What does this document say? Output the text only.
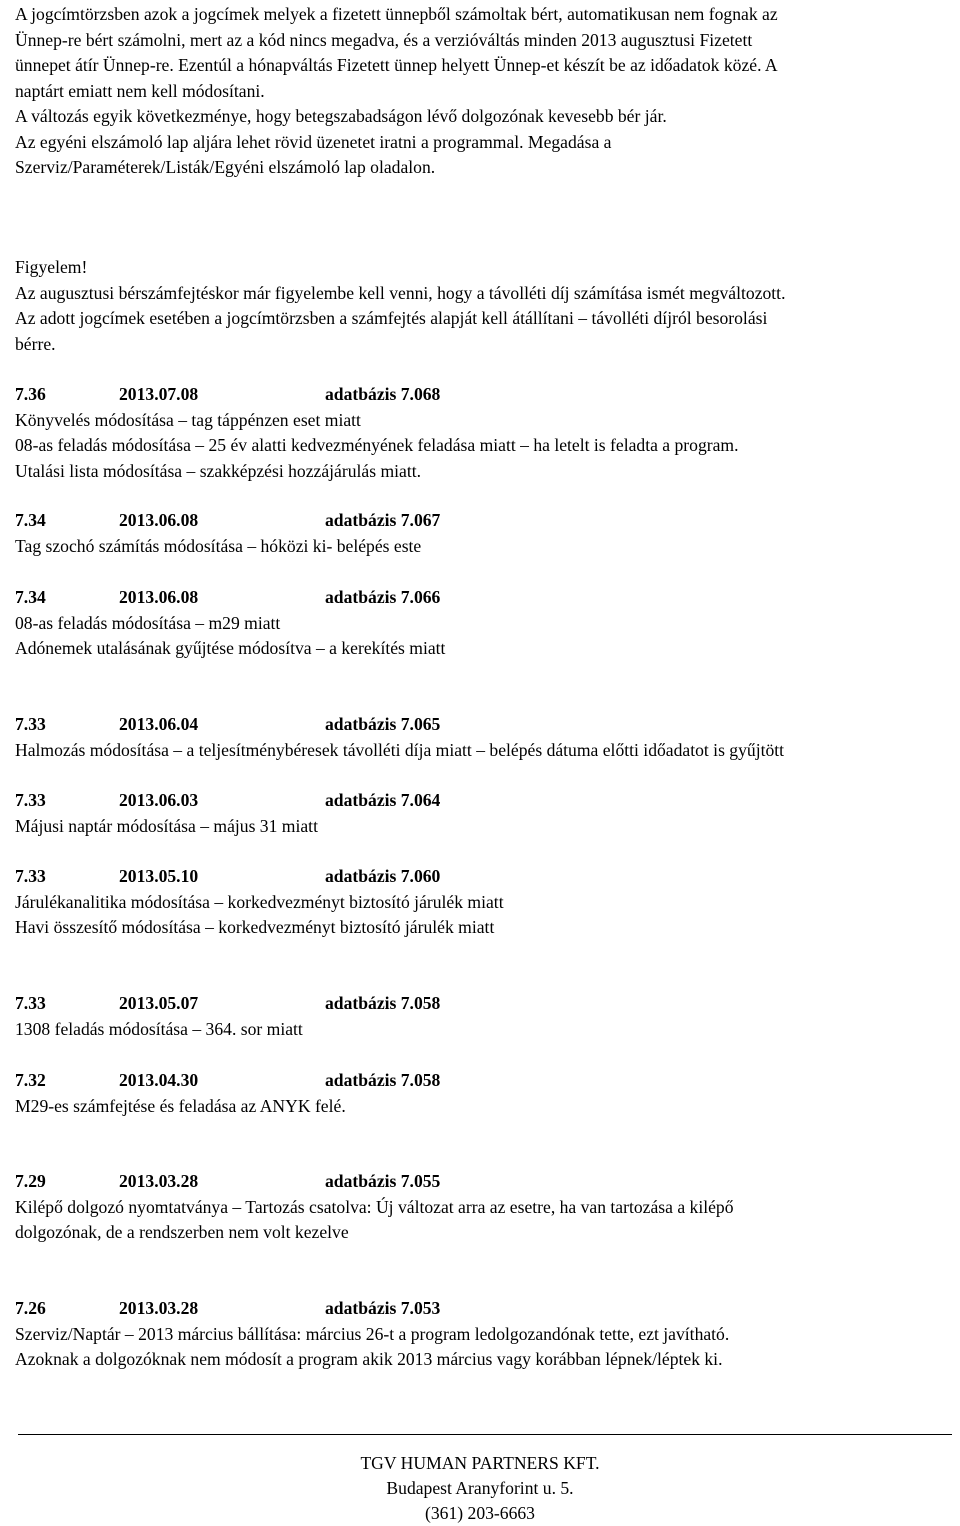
A jogcímtörzsben azok a jogcímek melyek a fizetett ünnepből számoltak bért, automatikusan nem fognak az

Ünnep-re bért számolni, mert az a kód nincs megadva, és a verzióváltás minden 2013 augusztusi Fizetett

ünnepet átír Ünnep-re. Ezentúl a hónapváltás Fizetett ünnep helyett Ünnep-et készít be az időadatok közé. A

naptárt emiatt nem kell módosítani.

A változás egyik következménye, hogy betegszabadságon lévő dolgozónak kevesebb bér jár.

Az egyéni elszámoló lap aljára lehet rövid üzenetet iratni a programmal. Megadása a

Szerviz/Paraméterek/Listák/Egyéni elszámoló lap oladalon.

Figyelem!

Az augusztusi bérszámfejtéskor már figyelembe kell venni, hogy a távolléti díj számítása ismét megváltozott.

Az adott jogcímek esetében a jogcímtörzsben a számfejtés alapját kell átállítani – távolléti díjról besorolási

bérre.

7.36	2013.07.08	adatbázis 7.068

Könyvelés módosítása – tag táppénzen eset miatt

08-as feladás módosítása – 25 év alatti kedvezményének feladása miatt – ha letelt is feladta a program.

Utalási lista módosítása – szakképzési hozzájárulás miatt.

7.34	2013.06.08	adatbázis 7.067

Tag szochó számítás módosítása – hóközi ki- belépés este

7.34	2013.06.08	adatbázis 7.066

08-as feladás módosítása – m29 miatt

Adónemek utalásának gyűjtése módosítva – a kerekítés miatt

7.33	2013.06.04	adatbázis 7.065

Halmozás módosítása – a teljesítménybéresek távolléti díja miatt – belépés dátuma előtti időadatot is gyűjtött

7.33	2013.06.03	adatbázis 7.064

Májusi naptár módosítása – május 31 miatt

7.33	2013.05.10	adatbázis 7.060

Járulékanalitika módosítása – korkedvezményt biztosító járulék miatt

Havi összesítő módosítása – korkedvezményt biztosító járulék miatt

7.33	2013.05.07	adatbázis 7.058

1308 feladás módosítása – 364. sor miatt

7.32	2013.04.30	adatbázis 7.058

M29-es számfejtése és feladása az ANYK felé.

7.29	2013.03.28	adatbázis 7.055

Kilépő dolgozó nyomtatványa – Tartozás csatolva: Új változat arra az esetre, ha van tartozása a kilépő

dolgozónak, de a rendszerben nem volt kezelve

7.26	2013.03.28	adatbázis 7.053

Szerviz/Naptár – 2013 március bállítása: március 26-t a program ledolgozandónak tette, ezt javítható.

Azoknak a dolgozóknak nem módosít a program akik 2013 március vagy korábban lépnek/léptek ki.

TGV HUMAN PARTNERS KFT.
Budapest Aranyforint u. 5.
(361) 203-6663
